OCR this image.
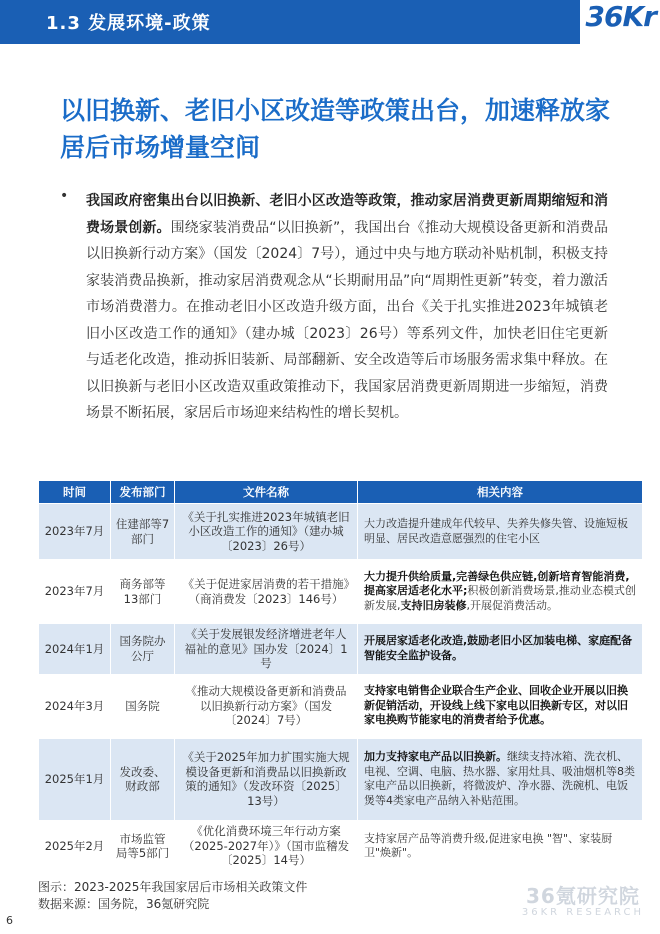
1.3 发展环境-政策	36Kr
以旧换新、老旧小区改造等政策出台，加速释放家居后市场增量空间
• 我国政府密集出台以旧换新、老旧小区改造等政策，推动家居消费更新周期缩短和消费场景创新。围绕家装消费品“以旧换新”，我国出台《推动大规模设备更新和消费品以旧换新行动方案》（国发〔2024〕7号），通过中央与地方联动补贴机制，积极支持家装消费品换新，推动家居消费观念从“长期耐用品”向“周期性更新”转变，着力激活市场消费潜力。在推动老旧小区改造升级方面，出台《关于扎实推进2023年城镇老旧小区改造工作的通知》（建办城〔2023〕26号）等系列文件，加快老旧住宅更新与适老化改造，推动拆旧装新、局部翻新、安全改造等后市场服务需求集中释放。在以旧换新与老旧小区改造双重政策推动下，我国家居消费更新周期进一步缩短，消费场景不断拓展，家居后市场迎来结构性的增长契机。
时间	发布部门	文件名称	相关内容
2023年7月	住建部等7部门	《关于扎实推进2023年城镇老旧小区改造工作的通知》（建办城〔2023〕26号）	大力改造提升建成年代较早、失养失修失管、设施短板明显、居民改造意愿强烈的住宅小区
2023年7月	商务部等13部门	《关于促进家居消费的若干措施》（商消费发〔2023〕146号）	大力提升供给质量,完善绿色供应链,创新培育智能消费,提高家居适老化水平;积极创新消费场景,推动业态模式创新发展,支持旧房装修,开展促消费活动。
2024年1月	国务院办公厅	《关于发展银发经济增进老年人福祉的意见》国办发〔2024〕1号	开展居家适老化改造,鼓励老旧小区加装电梯、家庭配备智能安全监护设备。
2024年3月	国务院	《推动大规模设备更新和消费品以旧换新行动方案》（国发〔2024〕7号）	支持家电销售企业联合生产企业、回收企业开展以旧换新促销活动，开设线上线下家电以旧换新专区，对以旧家电换购节能家电的消费者给予优惠。
2025年1月	发改委、财政部	《关于2025年加力扩围实施大规模设备更新和消费品以旧换新政策的通知》（发改环资〔2025〕13号）	加力支持家电产品以旧换新。继续支持冰箱、洗衣机、电视、空调、电脑、热水器、家用灶具、吸油烟机等8类家电产品以旧换新，将微波炉、净水器、洗碗机、电饭煲等4类家电产品纳入补贴范围。
2025年2月	市场监管局等5部门	《优化消费环境三年行动方案（2025-2027年）》（国市监稽发〔2025〕14号）	支持家居产品等消费升级,促进家电换 "智"、家装厨卫"焕新"。
图示：2023-2025年我国家居后市场相关政策文件
数据来源：国务院，36氪研究院
6
36氪研究院
36KR RESEARCH
